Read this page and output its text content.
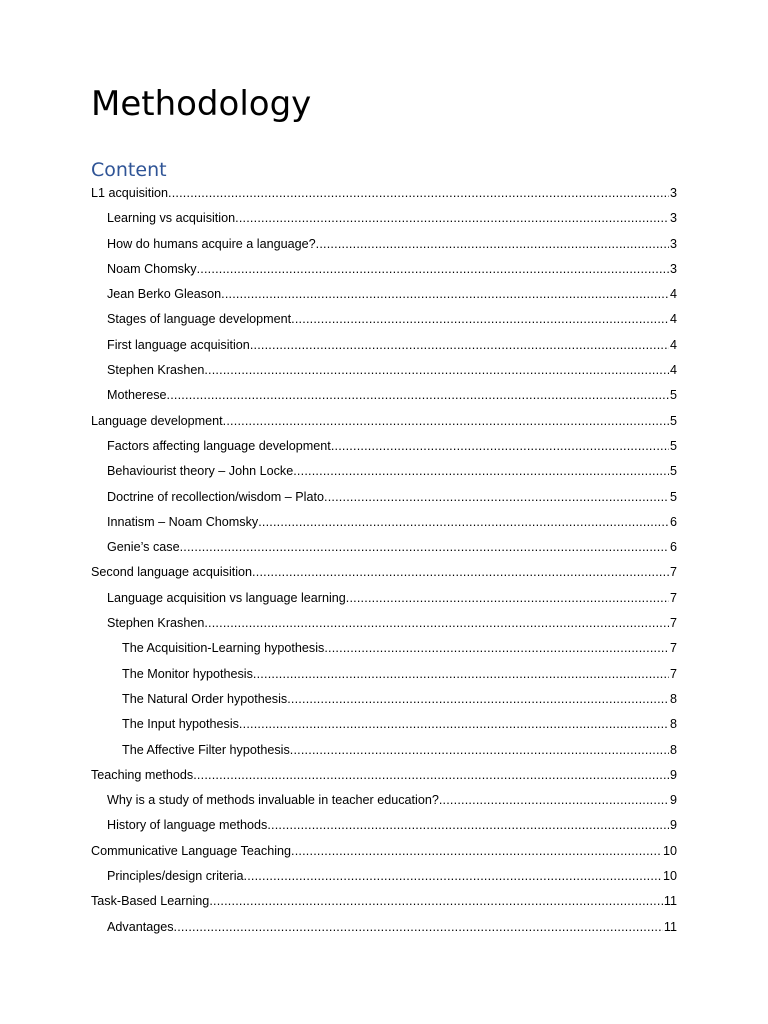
Methodology
Content
L1 acquisition .....	3
Learning vs acquisition .....	3
How do humans acquire a language? .....	3
Noam Chomsky .....	3
Jean Berko Gleason .....	4
Stages of language development .....	4
First language acquisition .....	4
Stephen Krashen .....	4
Motherese .....	5
Language development .....	5
Factors affecting language development .....	5
Behaviourist theory – John Locke .....	5
Doctrine of recollection/wisdom – Plato .....	5
Innatism – Noam Chomsky .....	6
Genie’s case .....	6
Second language acquisition .....	7
Language acquisition vs language learning .....	7
Stephen Krashen .....	7
The Acquisition-Learning hypothesis .....	7
The Monitor hypothesis .....	7
The Natural Order hypothesis .....	8
The Input hypothesis .....	8
The Affective Filter hypothesis .....	8
Teaching methods .....	9
Why is a study of methods invaluable in teacher education? .....	9
History of language methods .....	9
Communicative Language Teaching .....	10
Principles/design criteria .....	10
Task-Based Learning .....	11
Advantages .....	11
